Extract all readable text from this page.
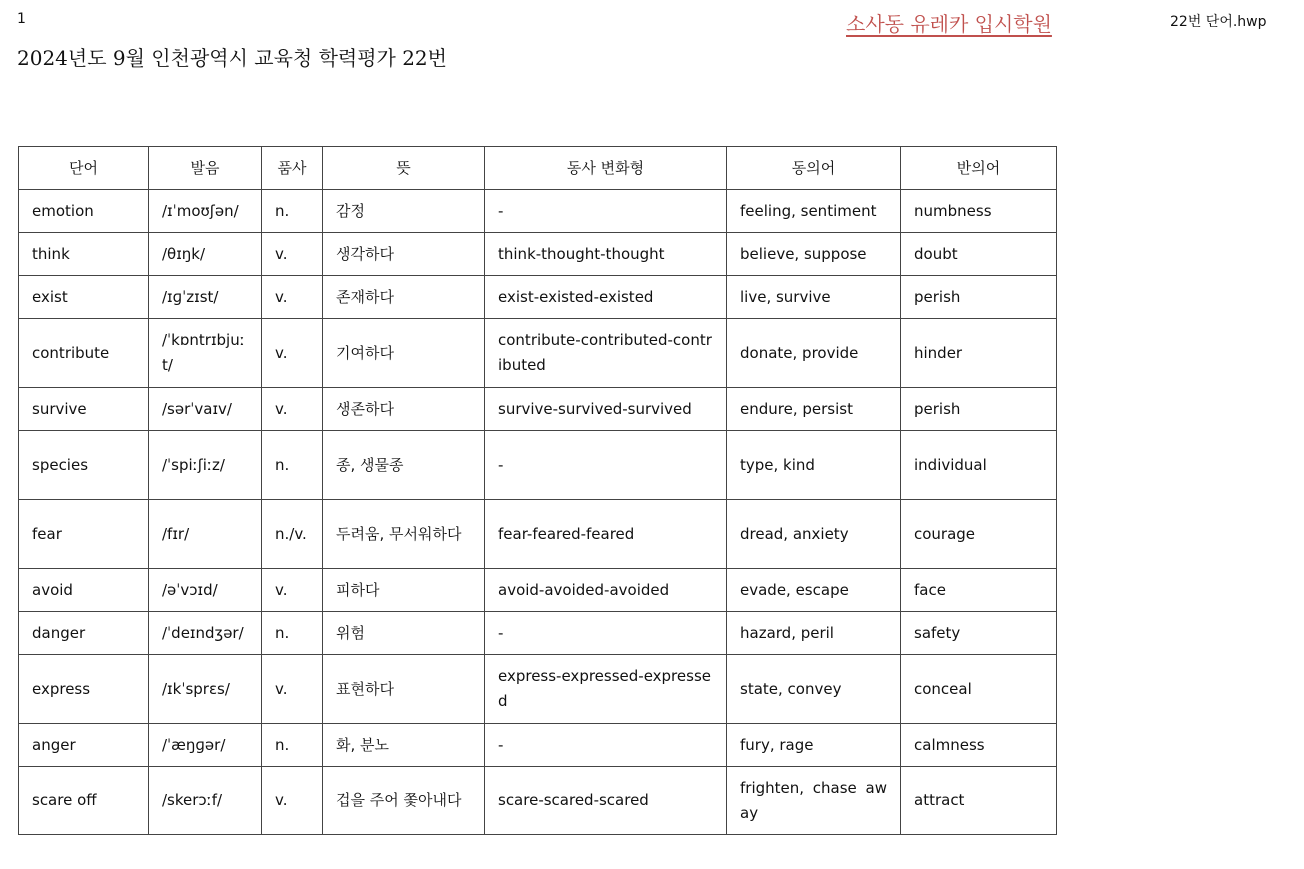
1	소사동 유레카 입시학원	22번 단어.hwp
2024년도 9월 인천광역시 교육청 학력평가 22번
단어	발음	품사	뜻	동사 변화형	동의어	반의어
emotion	/ɪˈmoʊʃən/	n.	감정	-	feeling, sentiment	numbness
think	/θɪŋk/	v.	생각하다	think-thought-thought	believe, suppose	doubt
exist	/ɪɡˈzɪst/	v.	존재하다	exist-existed-existed	live, survive	perish
contribute	/ˈkɒntrɪbjuːt/	v.	기여하다	contribute-contributed-contributed	donate, provide	hinder
survive	/sərˈvaɪv/	v.	생존하다	survive-survived-survived	endure, persist	perish
species	/ˈspiːʃiːz/	n.	종, 생물종	-	type, kind	individual
fear	/fɪr/	n./v.	두려움, 무서워하다	fear-feared-feared	dread, anxiety	courage
avoid	/əˈvɔɪd/	v.	피하다	avoid-avoided-avoided	evade, escape	face
danger	/ˈdeɪndʒər/	n.	위험	-	hazard, peril	safety
express	/ɪkˈsprɛs/	v.	표현하다	express-expressed-expressed	state, convey	conceal
anger	/ˈæŋɡər/	n.	화, 분노	-	fury, rage	calmness
scare off	/skerɔːf/	v.	겁을 주어 쫓아내다	scare-scared-scared	frighten, chase away	attract
